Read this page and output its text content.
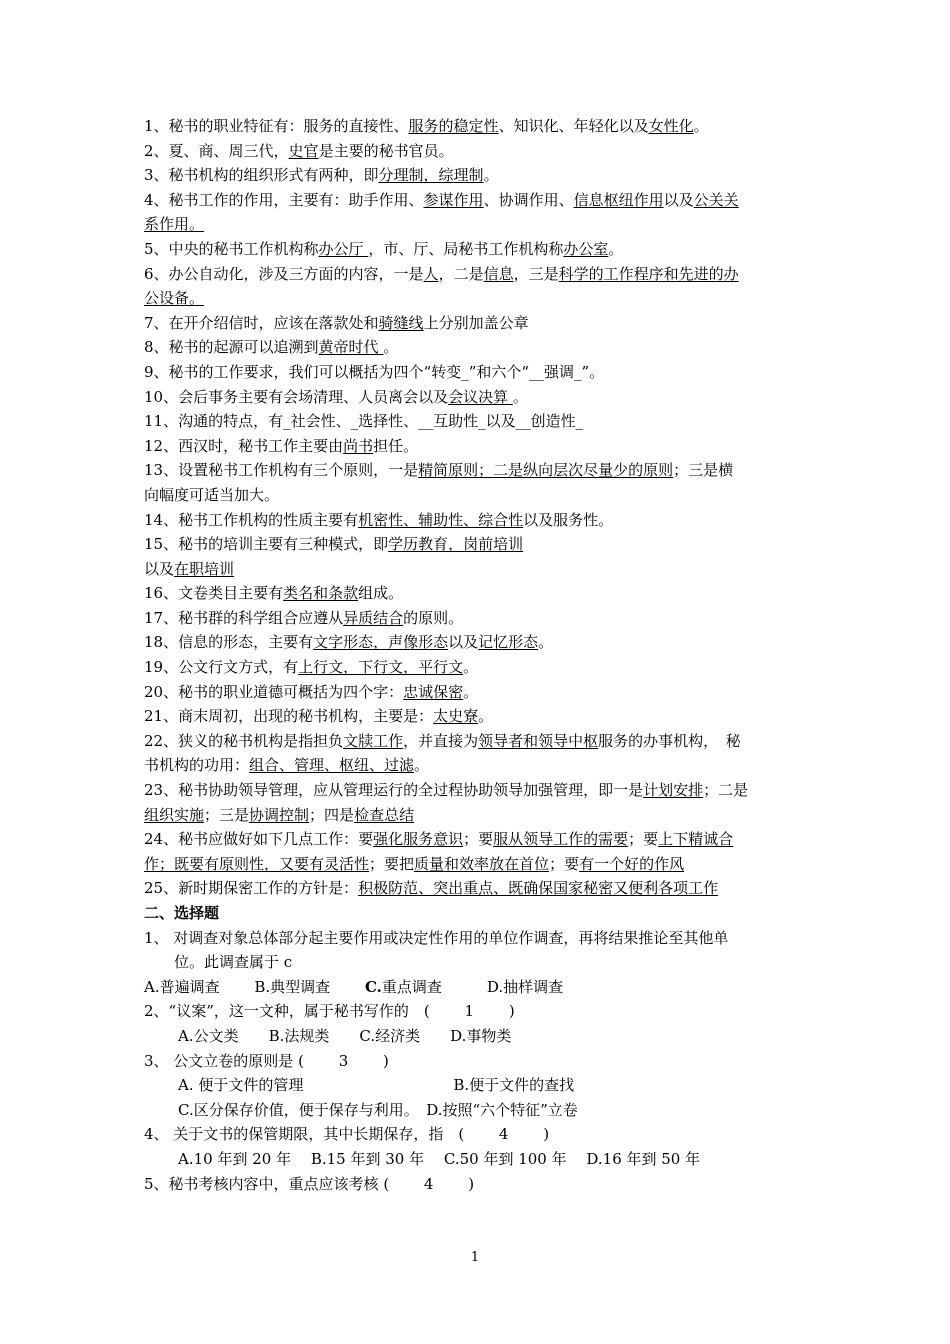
1、秘书的职业特征有：服务的直接性、服务的稳定性、知识化、年轻化以及女性化。
2、夏、商、周三代，史官是主要的秘书官员。
3、秘书机构的组织形式有两种，即分理制，综理制。
4、秘书工作的作用，主要有：助手作用、参谋作用、协调作用、信息枢纽作用以及公关关
系作用。
5、中央的秘书工作机构称办公厅 ，市、厅、局秘书工作机构称办公室。
6、办公自动化，涉及三方面的内容，一是人，二是信息，三是科学的工作程序和先进的办
公设备。
7、在开介绍信时，应该在落款处和骑缝线上分别加盖公章
8、秘书的起源可以追溯到黄帝时代 。
9、秘书的工作要求，我们可以概括为四个“转变_”和六个“__强调_”。
10、会后事务主要有会场清理、人员离会以及会议决算 。
11、沟通的特点，有_社会性、_选择性、__互助性_以及__创造性_
12、西汉时，秘书工作主要由尚书担任。
13、设置秘书工作机构有三个原则，一是精简原则；二是纵向层次尽量少的原则；三是横
向幅度可适当加大。
14、秘书工作机构的性质主要有机密性、辅助性、综合性以及服务性。
15、秘书的培训主要有三种模式，即学历教育，岗前培训
以及在职培训
16、文卷类目主要有类名和条款组成。
17、秘书群的科学组合应遵从异质结合的原则。
18、信息的形态，主要有文字形态，声像形态以及记忆形态。
19、公文行文方式，有上行文，下行文，平行文。
20、秘书的职业道德可概括为四个字：忠诚保密。
21、商末周初，出现的秘书机构，主要是：太史寮。
22、狭义的秘书机构是指担负文牍工作，并直接为领导者和领导中枢服务的办事机构，　秘
书机构的功用：组合、管理、枢纽、过滤。
23、秘书协助领导管理，应从管理运行的全过程协助领导加强管理，即一是计划安排；二是
组织实施；三是协调控制；四是检查总结
24、秘书应做好如下几点工作：要强化服务意识；要服从领导工作的需要；要上下精诚合
作；既要有原则性，又要有灵活性；要把质量和效率放在首位；要有一个好的作风
25、新时期保密工作的方针是：积极防范、突出重点、既确保国家秘密又便利各项工作
二、选择题
1、 对调查对象总体部分起主要作用或决定性作用的单位作调查，再将结果推论至其他单
位。此调查属于 c
A.普遍调查　　 B.典型调查　　 C.重点调查　　　D.抽样调查
2、“议案”，这一文种，属于秘书写作的　(　　 1　　 )
A.公文类　　B.法规类　　C.经济类　　D.事物类
3、 公文立卷的原则是 (　　 3　　 )
A. 便于文件的管理　　　　　　　　　　B.便于文件的查找
C.区分保存价值，便于保存与利用。　D.按照“六个特征”立卷
4、 关于文书的保管期限，其中长期保存，指　(　　 4　　 )
A.10 年到 20 年　 B.15 年到 30 年　 C.50 年到 100 年　 D.16 年到 50 年
5、秘书考核内容中，重点应该考核 (　　 4　　 )
1
